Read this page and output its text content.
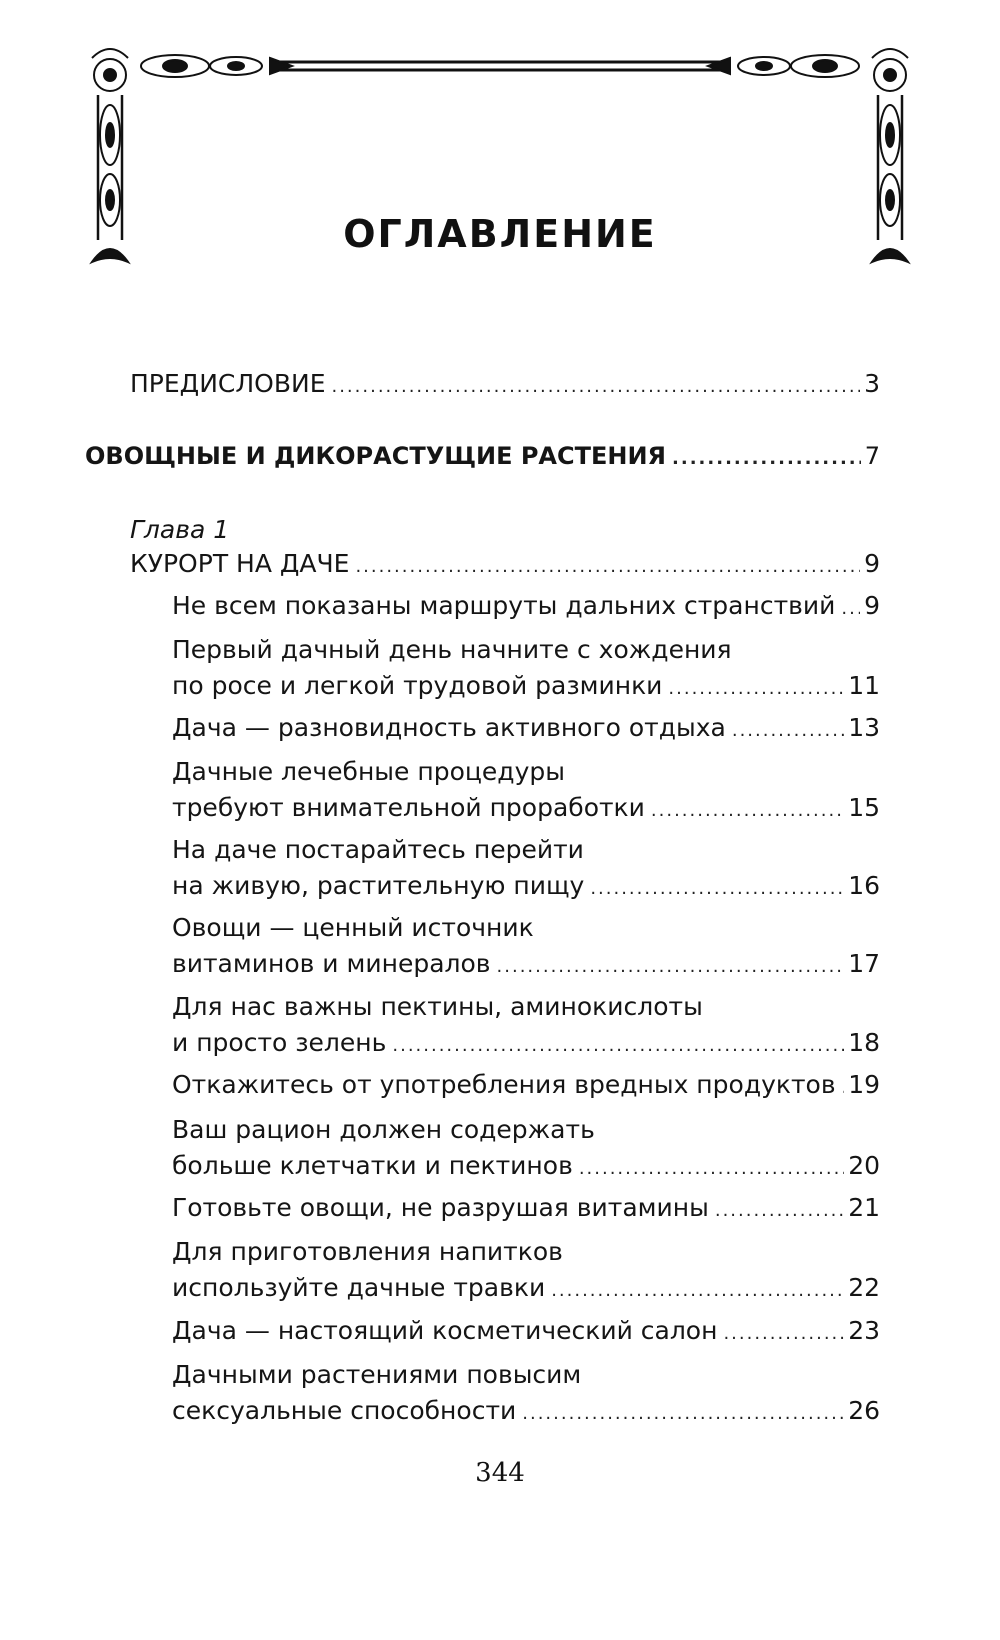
ОГЛАВЛЕНИЕ
ПРЕДИСЛОВИЕ .....	3
ОВОЩНЫЕ И ДИКОРАСТУЩИЕ РАСТЕНИЯ .....	7
Глава 1
КУРОРТ НА ДАЧЕ .....	9
Не всем показаны маршруты дальних странствий ..... 9
Первый дачный день начните с хождения
по росе и легкой трудовой разминки .....	11
Дача — разновидность активного отдыха .....	13
Дачные лечебные процедуры
требуют внимательной проработки .....	15
На даче постарайтесь перейти
на живую, растительную пищу .....	16
Овощи — ценный источник
витаминов и минералов .....	17
Для нас важны пектины, аминокислоты
и просто зелень .....	18
Откажитесь от употребления вредных продуктов ..... 19
Ваш рацион должен содержать
больше клетчатки и пектинов .....	20
Готовьте овощи, не разрушая витамины .....	21
Для приготовления напитков
используйте дачные травки .....	22
Дача — настоящий косметический салон .....	23
Дачными растениями повысим
сексуальные способности .....	26
344
